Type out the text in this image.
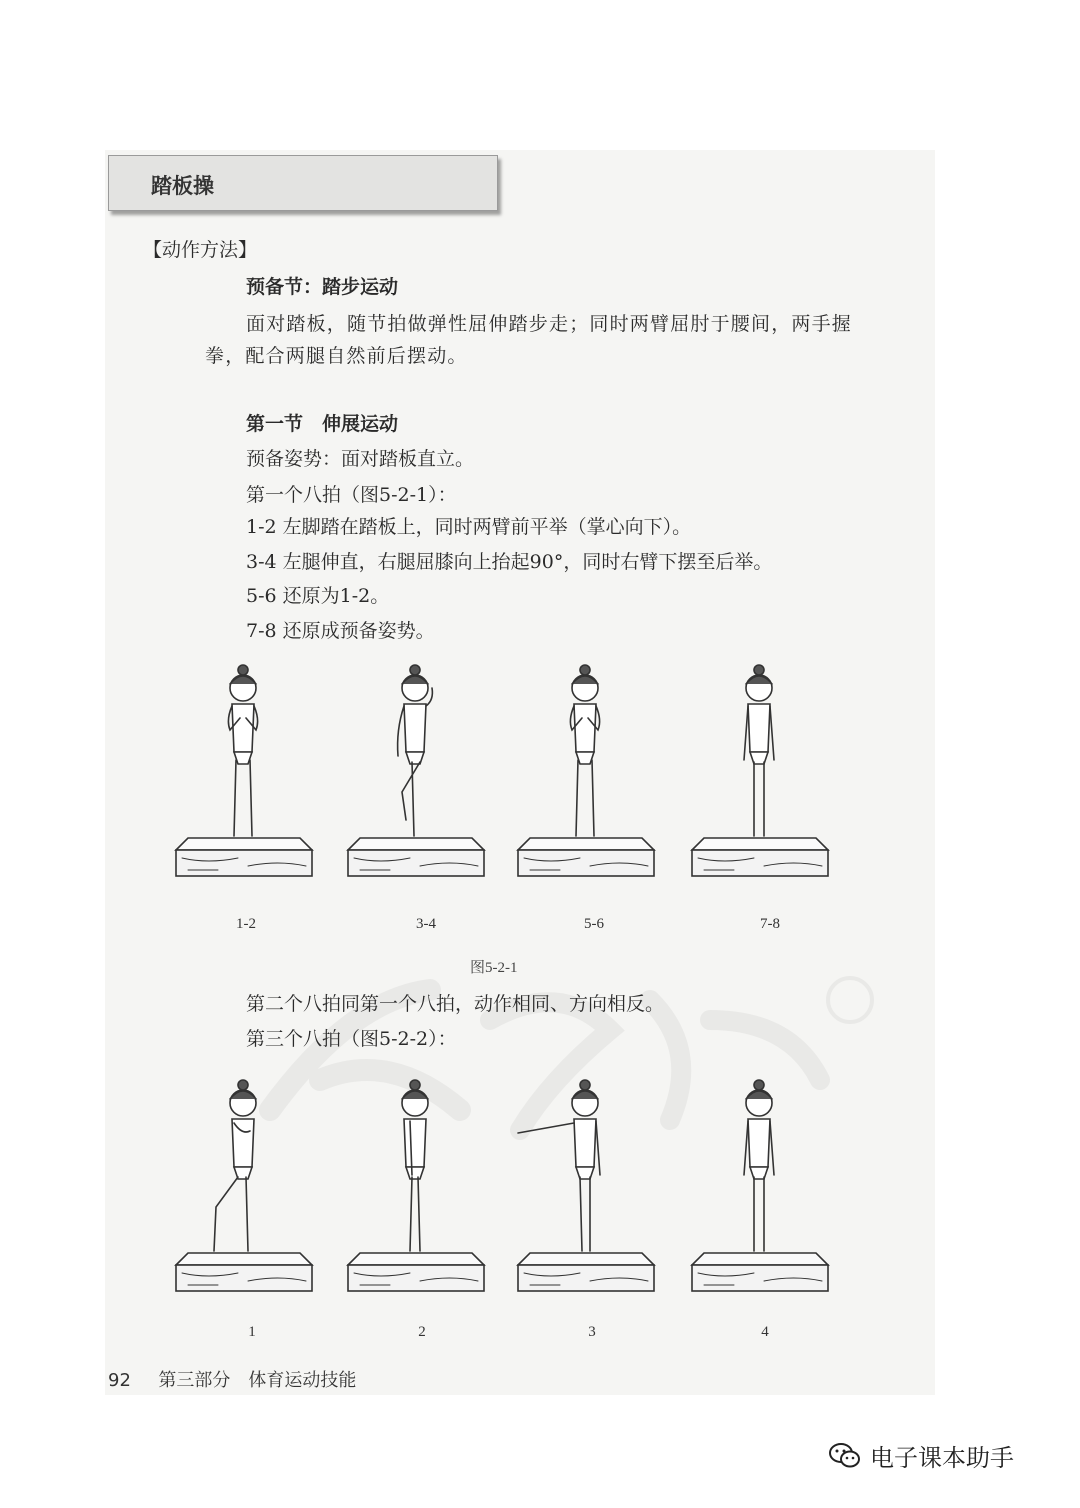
踏板操
【动作方法】
预备节：踏步运动
面对踏板，随节拍做弹性屈伸踏步走；同时两臂屈肘于腰间，两手握
拳，配合两腿自然前后摆动。
第一节　伸展运动
预备姿势：面对踏板直立。
第一个八拍（图5-2-1）：
1-2 左脚踏在踏板上，同时两臂前平举（掌心向下）。
3-4 左腿伸直，右腿屈膝向上抬起90°，同时右臂下摆至后举。
5-6 还原为1-2。
7-8 还原成预备姿势。
1-2	3-4	5-6	7-8
图5-2-1
第二个八拍同第一个八拍，动作相同、方向相反。
第三个八拍（图5-2-2）：
1	2	3	4
92 第三部分　体育运动技能
电子课本助手
